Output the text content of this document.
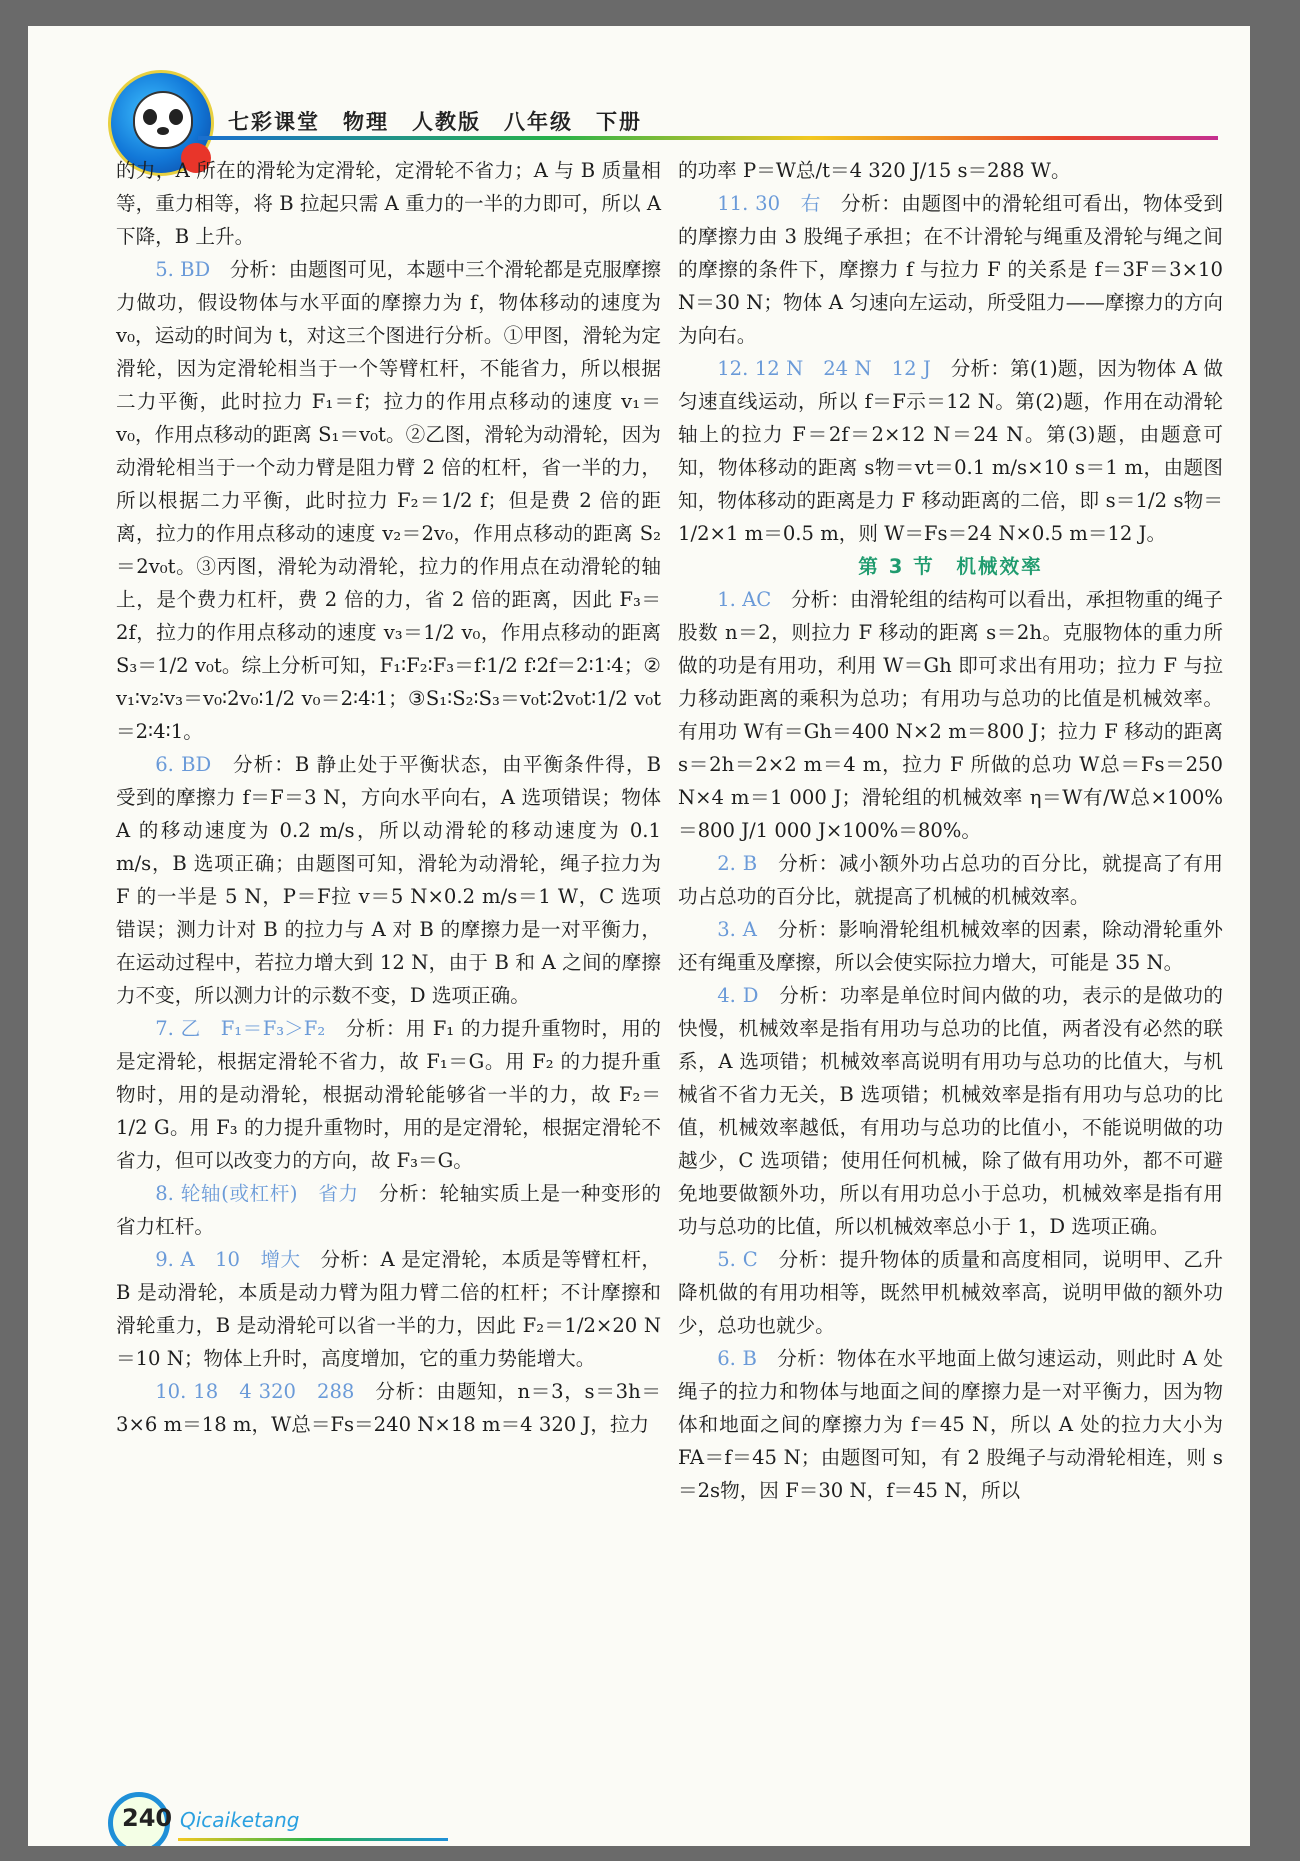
七彩课堂　物理　人教版　八年级　下册

的力，A 所在的滑轮为定滑轮，定滑轮不省力；A 与 B 质量相等，重力相等，将 B 拉起只需 A 重力的一半的力即可，所以 A 下降，B 上升。

5. BD　 分析：由题图可见，本题中三个滑轮都是克服摩擦力做功，假设物体与水平面的摩擦力为 f，物体移动的速度为 v₀，运动的时间为 t，对这三个图进行分析。①甲图，滑轮为定滑轮，因为定滑轮相当于一个等臂杠杆，不能省力，所以根据二力平衡，此时拉力 F₁＝f；拉力的作用点移动的速度 v₁＝v₀，作用点移动的距离 S₁＝v₀t。②乙图，滑轮为动滑轮，因为动滑轮相当于一个动力臂是阻力臂 2 倍的杠杆，省一半的力，所以根据二力平衡，此时拉力 F₂＝1/2 f；但是费 2 倍的距离，拉力的作用点移动的速度 v₂＝2v₀，作用点移动的距离 S₂＝2v₀t。③丙图，滑轮为动滑轮，拉力的作用点在动滑轮的轴上，是个费力杠杆，费 2 倍的力，省 2 倍的距离，因此 F₃＝2f，拉力的作用点移动的速度 v₃＝1/2 v₀，作用点移动的距离 S₃＝1/2 v₀t。综上分析可知，F₁∶F₂∶F₃＝f∶1/2 f∶2f＝2∶1∶4；② v₁∶v₂∶v₃＝v₀∶2v₀∶1/2 v₀＝2∶4∶1；③S₁∶S₂∶S₃＝v₀t∶2v₀t∶1/2 v₀t＝2∶4∶1。

6. BD　 分析：B 静止处于平衡状态，由平衡条件得，B 受到的摩擦力 f＝F＝3 N，方向水平向右，A 选项错误；物体 A 的移动速度为 0.2 m/s，所以动滑轮的移动速度为 0.1 m/s，B 选项正确；由题图可知，滑轮为动滑轮，绳子拉力为 F 的一半是 5 N，P＝F拉 v＝5 N×0.2 m/s＝1 W，C 选项错误；测力计对 B 的拉力与 A 对 B 的摩擦力是一对平衡力，在运动过程中，若拉力增大到 12 N，由于 B 和 A 之间的摩擦力不变，所以测力计的示数不变，D 选项正确。

7. 乙　F₁＝F₃＞F₂　 分析：用 F₁ 的力提升重物时，用的是定滑轮，根据定滑轮不省力，故 F₁＝G。用 F₂ 的力提升重物时，用的是动滑轮，根据动滑轮能够省一半的力，故 F₂＝1/2 G。用 F₃ 的力提升重物时，用的是定滑轮，根据定滑轮不省力，但可以改变力的方向，故 F₃＝G。

8. 轮轴(或杠杆)　省力　 分析：轮轴实质上是一种变形的省力杠杆。

9. A　10　增大　 分析：A 是定滑轮，本质是等臂杠杆，B 是动滑轮，本质是动力臂为阻力臂二倍的杠杆；不计摩擦和滑轮重力，B 是动滑轮可以省一半的力，因此 F₂＝1/2×20 N＝10 N；物体上升时，高度增加，它的重力势能增大。

10. 18　4 320　288　 分析：由题知，n＝3，s＝3h＝3×6 m＝18 m，W总＝Fs＝240 N×18 m＝4 320 J，拉力

的功率 P＝W总/t＝4 320 J/15 s＝288 W。

11. 30　右　 分析：由题图中的滑轮组可看出，物体受到的摩擦力由 3 股绳子承担；在不计滑轮与绳重及滑轮与绳之间的摩擦的条件下，摩擦力 f 与拉力 F 的关系是 f＝3F＝3×10 N＝30 N；物体 A 匀速向左运动，所受阻力——摩擦力的方向为向右。

12. 12 N　24 N　12 J　 分析：第(1)题，因为物体 A 做匀速直线运动，所以 f＝F示＝12 N。第(2)题，作用在动滑轮轴上的拉力 F＝2f＝2×12 N＝24 N。第(3)题，由题意可知，物体移动的距离 s物＝vt＝0.1 m/s×10 s＝1 m，由题图知，物体移动的距离是力 F 移动距离的二倍，即 s＝1/2 s物＝1/2×1 m＝0.5 m，则 W＝Fs＝24 N×0.5 m＝12 J。

第 3 节　机械效率

1. AC　 分析：由滑轮组的结构可以看出，承担物重的绳子股数 n＝2，则拉力 F 移动的距离 s＝2h。克服物体的重力所做的功是有用功，利用 W＝Gh 即可求出有用功；拉力 F 与拉力移动距离的乘积为总功；有用功与总功的比值是机械效率。有用功 W有＝Gh＝400 N×2 m＝800 J；拉力 F 移动的距离 s＝2h＝2×2 m＝4 m，拉力 F 所做的总功 W总＝Fs＝250 N×4 m＝1 000 J；滑轮组的机械效率 η＝W有/W总×100%＝800 J/1 000 J×100%＝80%。

2. B　 分析：减小额外功占总功的百分比，就提高了有用功占总功的百分比，就提高了机械的机械效率。

3. A　 分析：影响滑轮组机械效率的因素，除动滑轮重外还有绳重及摩擦，所以会使实际拉力增大，可能是 35 N。

4. D　 分析：功率是单位时间内做的功，表示的是做功的快慢，机械效率是指有用功与总功的比值，两者没有必然的联系，A 选项错；机械效率高说明有用功与总功的比值大，与机械省不省力无关，B 选项错；机械效率是指有用功与总功的比值，机械效率越低，有用功与总功的比值小，不能说明做的功越少，C 选项错；使用任何机械，除了做有用功外，都不可避免地要做额外功，所以有用功总小于总功，机械效率是指有用功与总功的比值，所以机械效率总小于 1，D 选项正确。

5. C　 分析：提升物体的质量和高度相同，说明甲、乙升降机做的有用功相等，既然甲机械效率高，说明甲做的额外功少，总功也就少。

6. B　 分析：物体在水平地面上做匀速运动，则此时 A 处绳子的拉力和物体与地面之间的摩擦力是一对平衡力，因为物体和地面之间的摩擦力为 f＝45 N，所以 A 处的拉力大小为 FA＝f＝45 N；由题图可知，有 2 股绳子与动滑轮相连，则 s＝2s物，因 F＝30 N，f＝45 N，所以

240 Qicaiketang
